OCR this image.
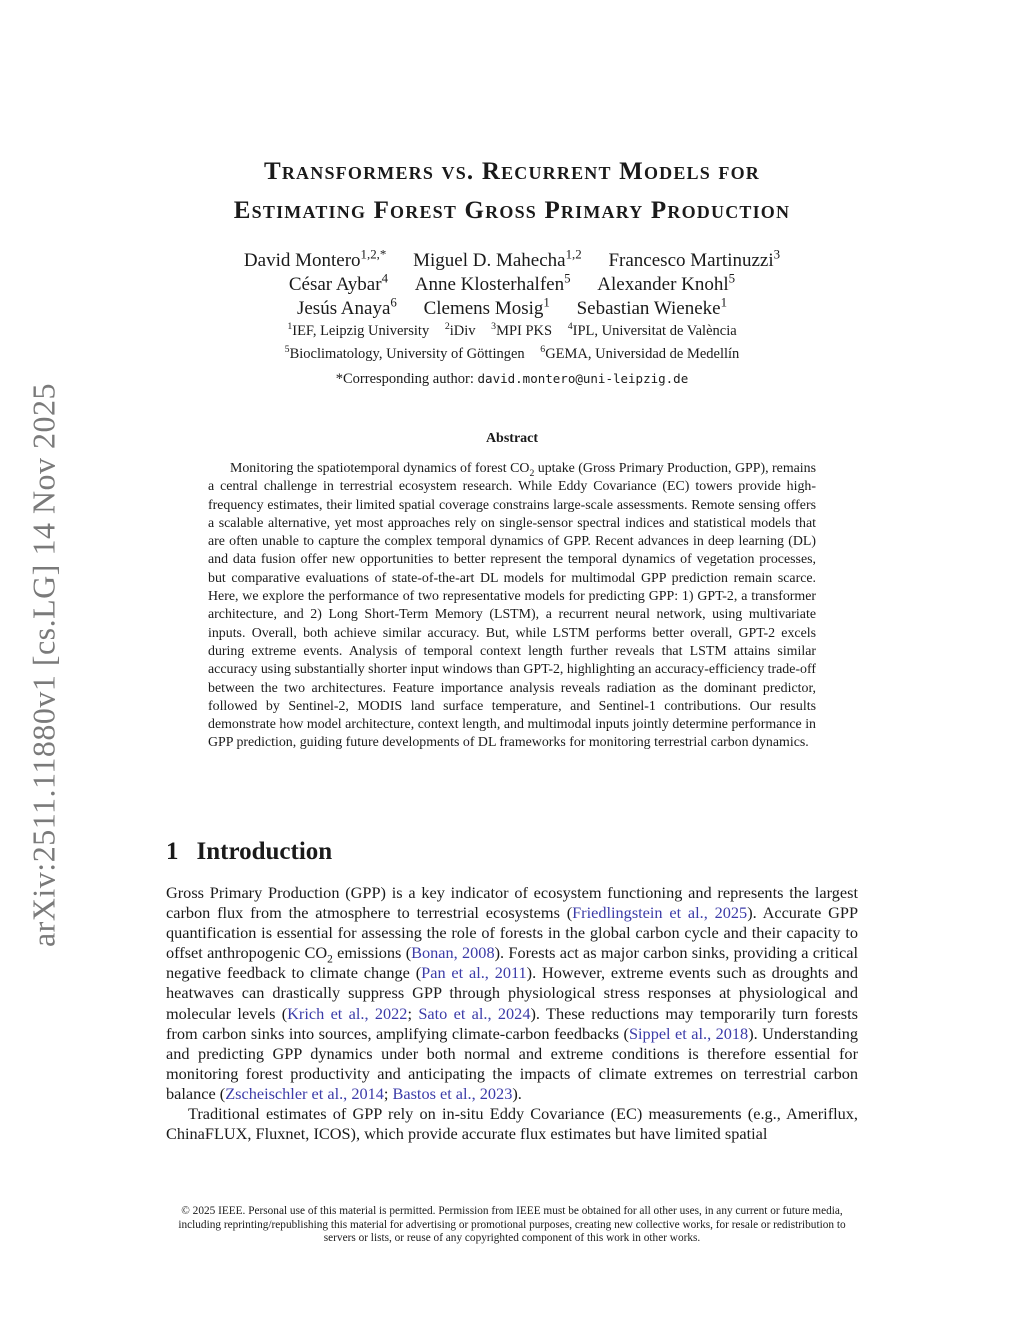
arXiv:2511.11880v1 [cs.LG] 14 Nov 2025
Transformers vs. Recurrent Models for
Estimating Forest Gross Primary Production
David Montero$^{1,2,*}$ Miguel D. Mahecha$^{1,2}$ Francesco Martinuzzi$^3$
César Aybar$^4$ Anne Klosterhalfen$^5$ Alexander Knohl$^5$
Jesús Anaya$^6$ Clemens Mosig$^1$ Sebastian Wieneke$^1$
$^1$IEF, Leipzig University $^2$iDiv $^3$MPI PKS $^4$IPL, Universitat de València
$^5$Bioclimatology, University of Göttingen $^6$GEMA, Universidad de Medellín
*Corresponding author: david.montero@uni-leipzig.de
Abstract
Monitoring the spatiotemporal dynamics of forest $CO_2$ uptake (Gross Primary Production, GPP), remains a central challenge in terrestrial ecosystem research. While Eddy Covariance (EC) towers provide high-frequency estimates, their limited spatial coverage constrains large-scale assessments. Remote sensing offers a scalable alternative, yet most approaches rely on single-sensor spectral indices and statistical models that are often unable to capture the complex temporal dynamics of GPP. Recent advances in deep learning (DL) and data fusion offer new opportunities to better represent the temporal dynamics of vegetation processes, but comparative evaluations of state-of-the-art DL models for multimodal GPP prediction remain scarce. Here, we explore the performance of two representative models for predicting GPP: 1) GPT-2, a transformer architecture, and 2) Long Short-Term Memory (LSTM), a recurrent neural network, using multivariate inputs. Overall, both achieve similar accuracy. But, while LSTM performs better overall, GPT-2 excels during extreme events. Analysis of temporal context length further reveals that LSTM attains similar accuracy using substantially shorter input windows than GPT-2, highlighting an accuracy-efficiency trade-off between the two architectures. Feature importance analysis reveals radiation as the dominant predictor, followed by Sentinel-2, MODIS land surface temperature, and Sentinel-1 contributions. Our results demonstrate how model architecture, context length, and multimodal inputs jointly determine performance in GPP prediction, guiding future developments of DL frameworks for monitoring terrestrial carbon dynamics.
1 Introduction

Gross Primary Production (GPP) is a key indicator of ecosystem functioning and represents the largest carbon flux from the atmosphere to terrestrial ecosystems (Friedlingstein et al., 2025). Accurate GPP quantification is essential for assessing the role of forests in the global carbon cycle and their capacity to offset anthropogenic $CO_2$ emissions (Bonan, 2008). Forests act as major carbon sinks, providing a critical negative feedback to climate change (Pan et al., 2011). However, extreme events such as droughts and heatwaves can drastically suppress GPP through physiological stress responses at physiological and molecular levels (Krich et al., 2022; Sato et al., 2024). These reductions may temporarily turn forests from carbon sinks into sources, amplifying climate-carbon feedbacks (Sippel et al., 2018). Understanding and predicting GPP dynamics under both normal and extreme conditions is therefore essential for monitoring forest productivity and anticipating the impacts of climate extremes on terrestrial carbon balance (Zscheischler et al., 2014; Bastos et al., 2023).

Traditional estimates of GPP rely on in-situ Eddy Covariance (EC) measurements (e.g., Ameriflux, ChinaFLUX, Fluxnet, ICOS), which provide accurate flux estimates but have limited spatial

© 2025 IEEE. Personal use of this material is permitted. Permission from IEEE must be obtained for all other uses, in any current or future media, including reprinting/republishing this material for advertising or promotional purposes, creating new collective works, for resale or redistribution to servers or lists, or reuse of any copyrighted component of this work in other works.
